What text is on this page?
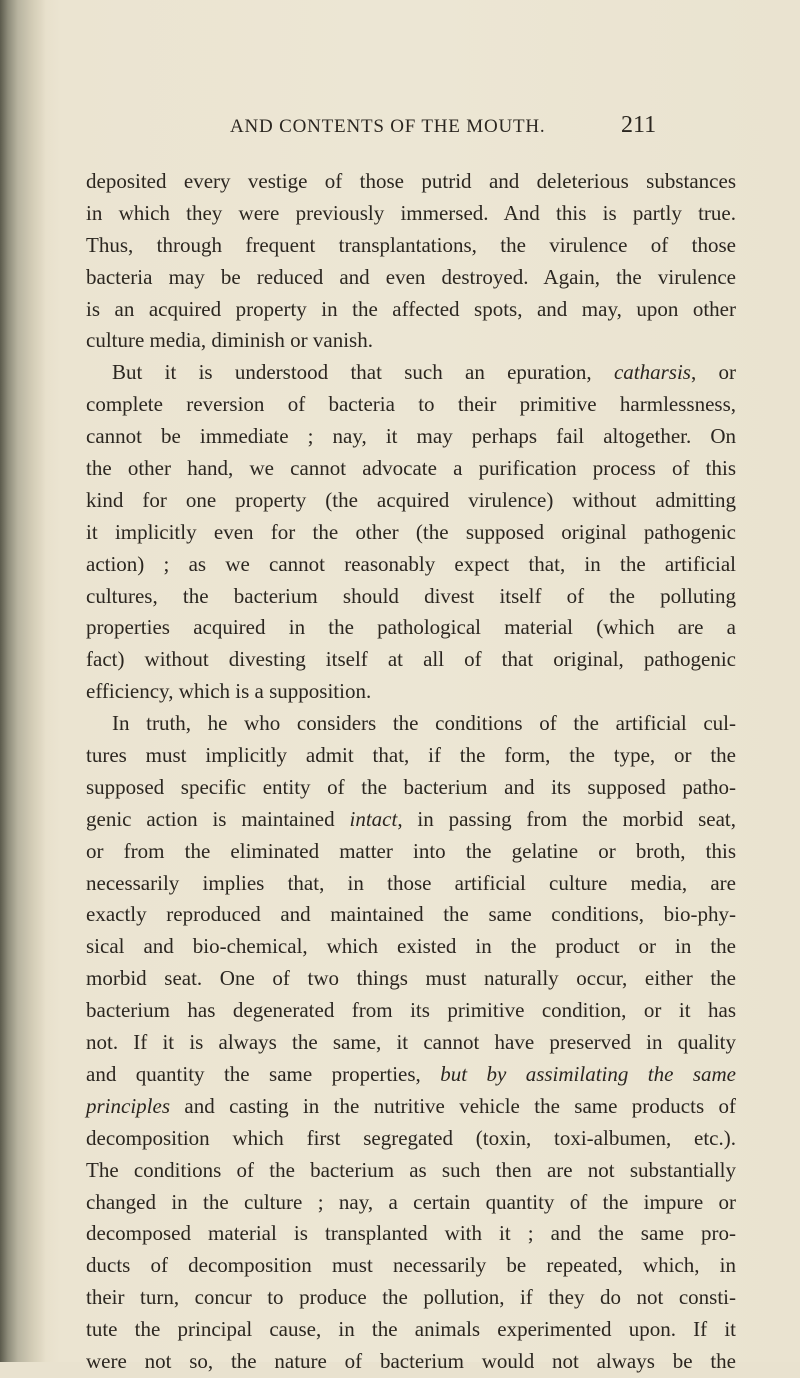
AND CONTENTS OF THE MOUTH.	211
deposited every vestige of those putrid and deleterious substances
in which they were previously immersed. And this is partly true.
Thus, through frequent transplantations, the virulence of those
bacteria may be reduced and even destroyed. Again, the virulence
is an acquired property in the affected spots, and may, upon other
culture media, diminish or vanish.
But it is understood that such an epuration, catharsis, or
complete reversion of bacteria to their primitive harmlessness,
cannot be immediate ; nay, it may perhaps fail altogether. On
the other hand, we cannot advocate a purification process of this
kind for one property (the acquired virulence) without admitting
it implicitly even for the other (the supposed original pathogenic
action) ; as we cannot reasonably expect that, in the artificial
cultures, the bacterium should divest itself of the polluting
properties acquired in the pathological material (which are a
fact) without divesting itself at all of that original, pathogenic
efficiency, which is a supposition.
In truth, he who considers the conditions of the artificial cul-
tures must implicitly admit that, if the form, the type, or the
supposed specific entity of the bacterium and its supposed patho-
genic action is maintained intact, in passing from the morbid seat,
or from the eliminated matter into the gelatine or broth, this
necessarily implies that, in those artificial culture media, are
exactly reproduced and maintained the same conditions, bio-phy-
sical and bio-chemical, which existed in the product or in the
morbid seat. One of two things must naturally occur, either the
bacterium has degenerated from its primitive condition, or it has
not. If it is always the same, it cannot have preserved in quality
and quantity the same properties, but by assimilating the same
principles and casting in the nutritive vehicle the same products of
decomposition which first segregated (toxin, toxi-albumen, etc.).
The conditions of the bacterium as such then are not substantially
changed in the culture ; nay, a certain quantity of the impure or
decomposed material is transplanted with it ; and the same pro-
ducts of decomposition must necessarily be repeated, which, in
their turn, concur to produce the pollution, if they do not consti-
tute the principal cause, in the animals experimented upon. If it
were not so, the nature of bacterium would not always be the
